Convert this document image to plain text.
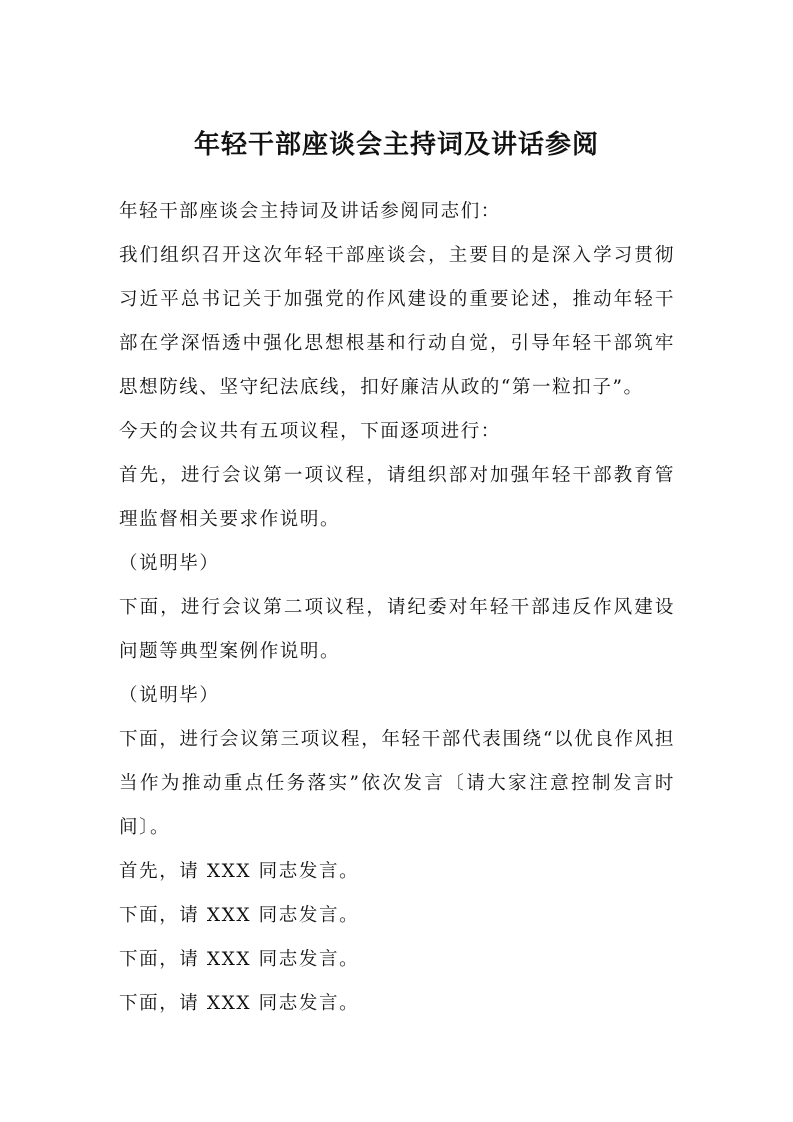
年轻干部座谈会主持词及讲话参阅

年轻干部座谈会主持词及讲话参阅同志们：

我们组织召开这次年轻干部座谈会，主要目的是深入学习贯彻习近平总书记关于加强党的作风建设的重要论述，推动年轻干部在学深悟透中强化思想根基和行动自觉，引导年轻干部筑牢思想防线、坚守纪法底线，扣好廉洁从政的“第一粒扣子”。

今天的会议共有五项议程，下面逐项进行：

首先，进行会议第一项议程，请组织部对加强年轻干部教育管理监督相关要求作说明。

（说明毕）

下面，进行会议第二项议程，请纪委对年轻干部违反作风建设问题等典型案例作说明。

（说明毕）

下面，进行会议第三项议程，年轻干部代表围绕“以优良作风担当作为推动重点任务落实”依次发言〔请大家注意控制发言时间〕。

首先，请 XXX 同志发言。

下面，请 XXX 同志发言。

下面，请 XXX 同志发言。

下面，请 XXX 同志发言。
